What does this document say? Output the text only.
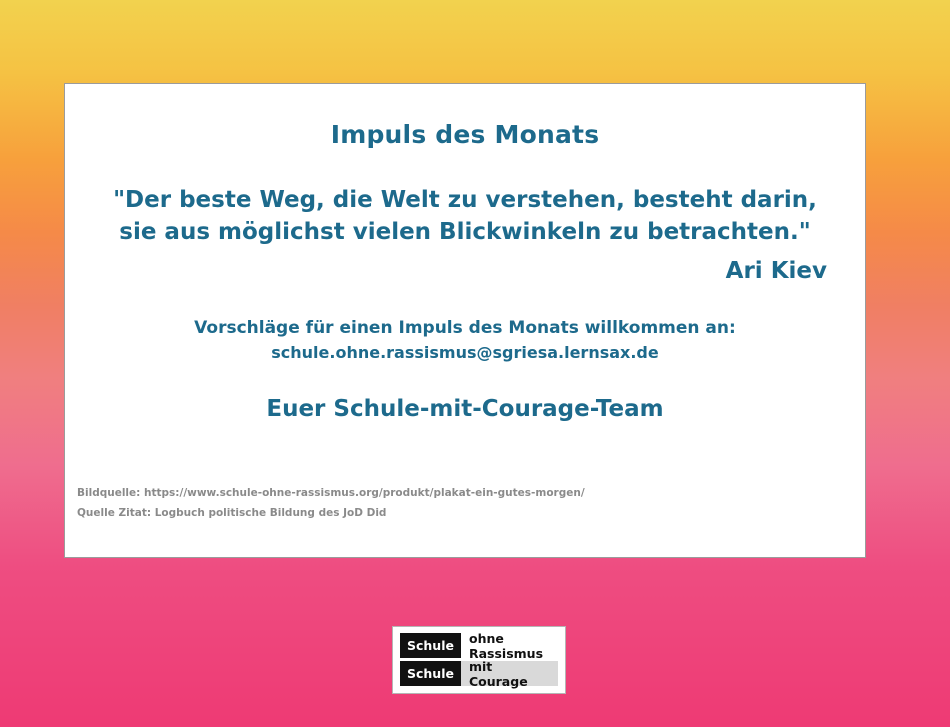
Impuls des Monats
"Der beste Weg, die Welt zu verstehen, besteht darin,
sie aus möglichst vielen Blickwinkeln zu betrachten."
Ari Kiev
Vorschläge für einen Impuls des Monats willkommen an:
schule.ohne.rassismus@sgriesa.lernsax.de
Euer Schule-mit-Courage-Team
Bildquelle: https://www.schule-ohne-rassismus.org/produkt/plakat-ein-gutes-morgen/
Quelle Zitat: Logbuch politische Bildung des JoD Did
Schule	ohne Rassismus
Schule	mit Courage
